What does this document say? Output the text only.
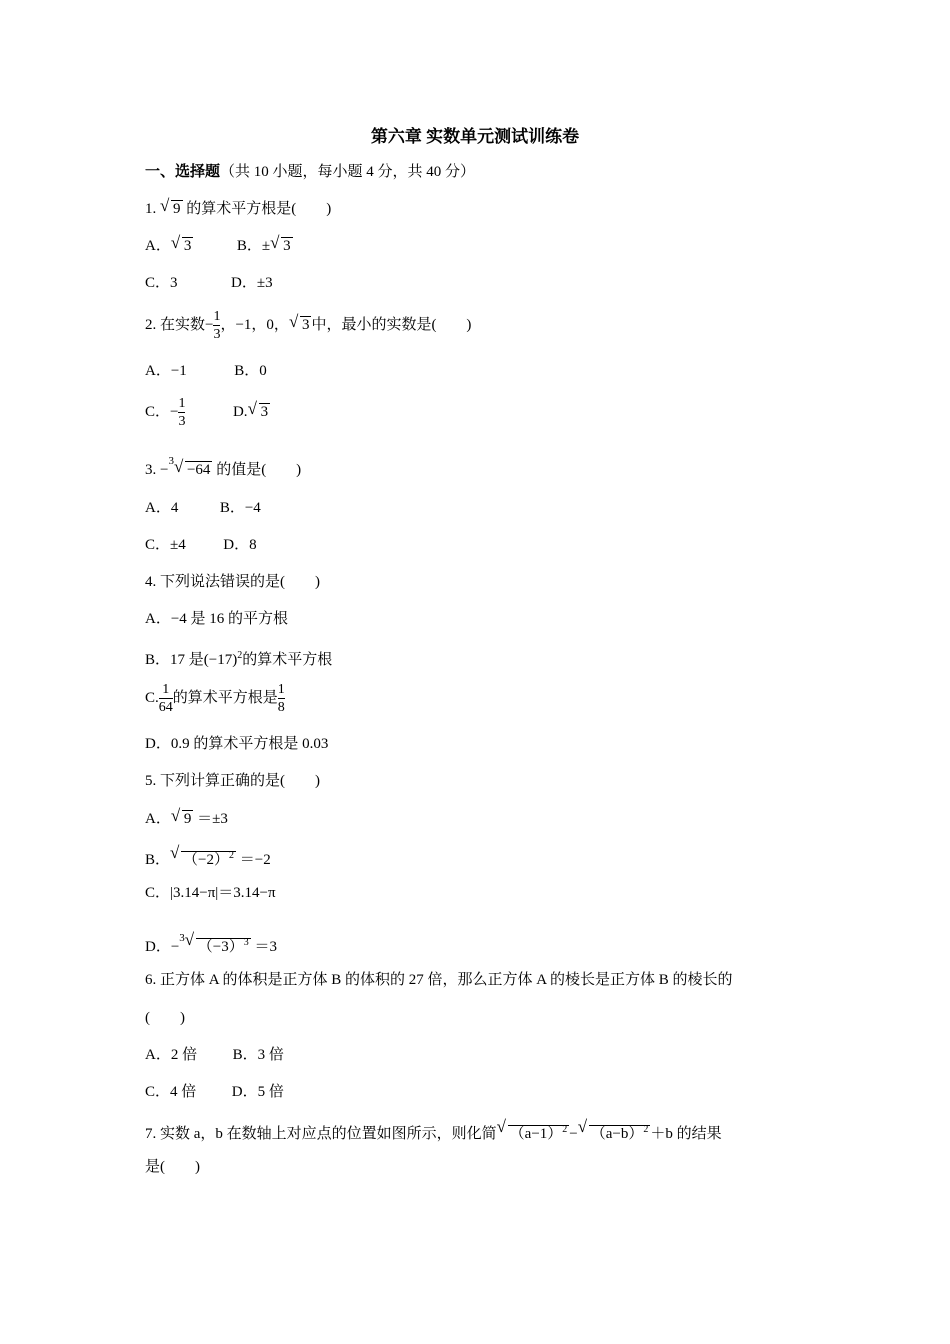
第六章 实数单元测试训练卷
一、选择题（共 10 小题，每小题 4 分，共 40 分）
1. √ 9 的算术平方根是(　　)
A． √ 3	B．± √ 3
C．3	D．±3
2. 在实数− $\frac{1}{3}$ ，−1，0， √ 3 中，最小的实数是(　　)
A．−1	B．0
C．− $\frac{1}{3}$	D. √ 3
3. −$^3$ √ −64 的值是(　　)
A．4	B．−4
C．±4	D．8
4. 下列说法错误的是(　　)
A．−4 是 16 的平方根
B．17 是$(-17)^2$的算术平方根
C. $\frac{1}{64}$ 的算术平方根是 $\frac{1}{8}$
D．0.9 的算术平方根是 0.03
5. 下列计算正确的是(　　)
A． √ 9 ＝±3
B． √ $(-2)^2 =-2$
C．|3.14−π|＝3.14−π
D．−$^3$ √ $(-3)^3 =3$
6. 正方体 A 的体积是正方体 B 的体积的 27 倍，那么正方体 A 的棱长是正方体 B 的棱长的
(　　)
A．2 倍 B．3 倍
C．4 倍 D．5 倍
7. 实数 a，b 在数轴上对应点的位置如图所示，则化简 √ $(a-1)^2$ − √ $(a-b)^2 +b$ 的结果
是(　　)
